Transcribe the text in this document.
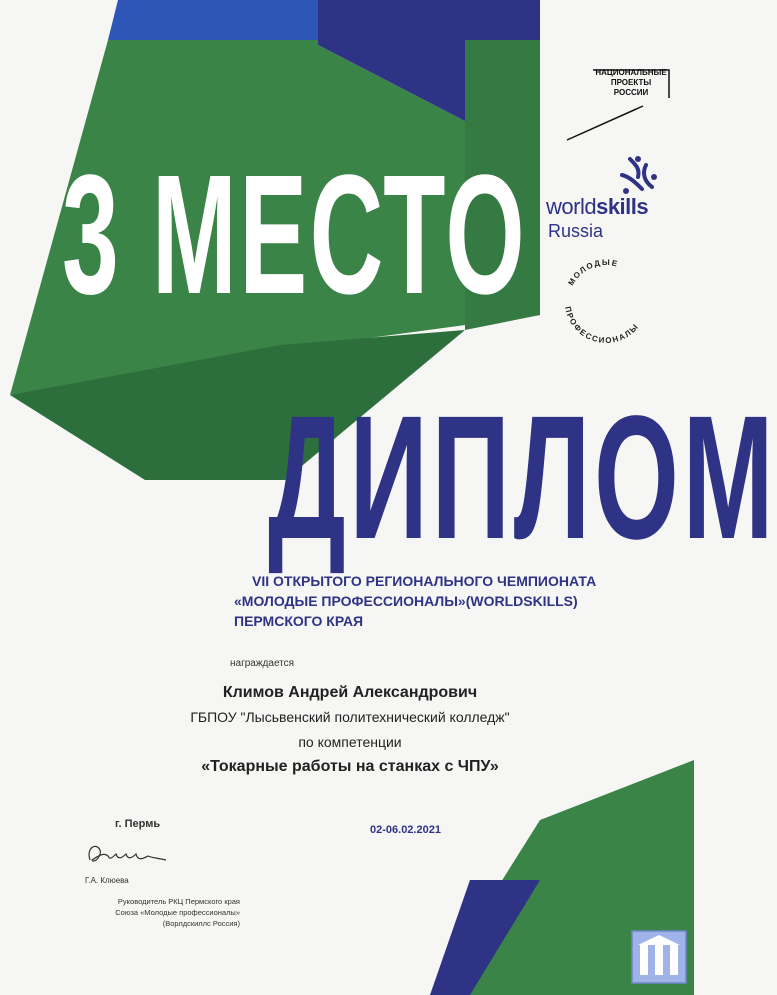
3 МЕСТО
ДИПЛОМ
НАЦИОНАЛЬНЫЕ
ПРОЕКТЫ
РОССИИ
worldskills
Russia
МОЛОДЫЕ
ПРОФЕССИОНАЛЫ
VII ОТКРЫТОГО РЕГИОНАЛЬНОГО ЧЕМПИОНАТА
«МОЛОДЫЕ ПРОФЕССИОНАЛЫ»(WORLDSKILLS)
ПЕРМСКОГО КРАЯ
награждается
Климов Андрей Александрович
ГБПОУ "Лысьвенский политехнический колледж"
по компетенции
«Токарные работы на станках с ЧПУ»
г. Пермь	02-06.02.2021
Г.А. Клюева
Руководитель РКЦ Пермского края
Союза «Молодые профессионалы»
(Ворлдскиллс Россия)
